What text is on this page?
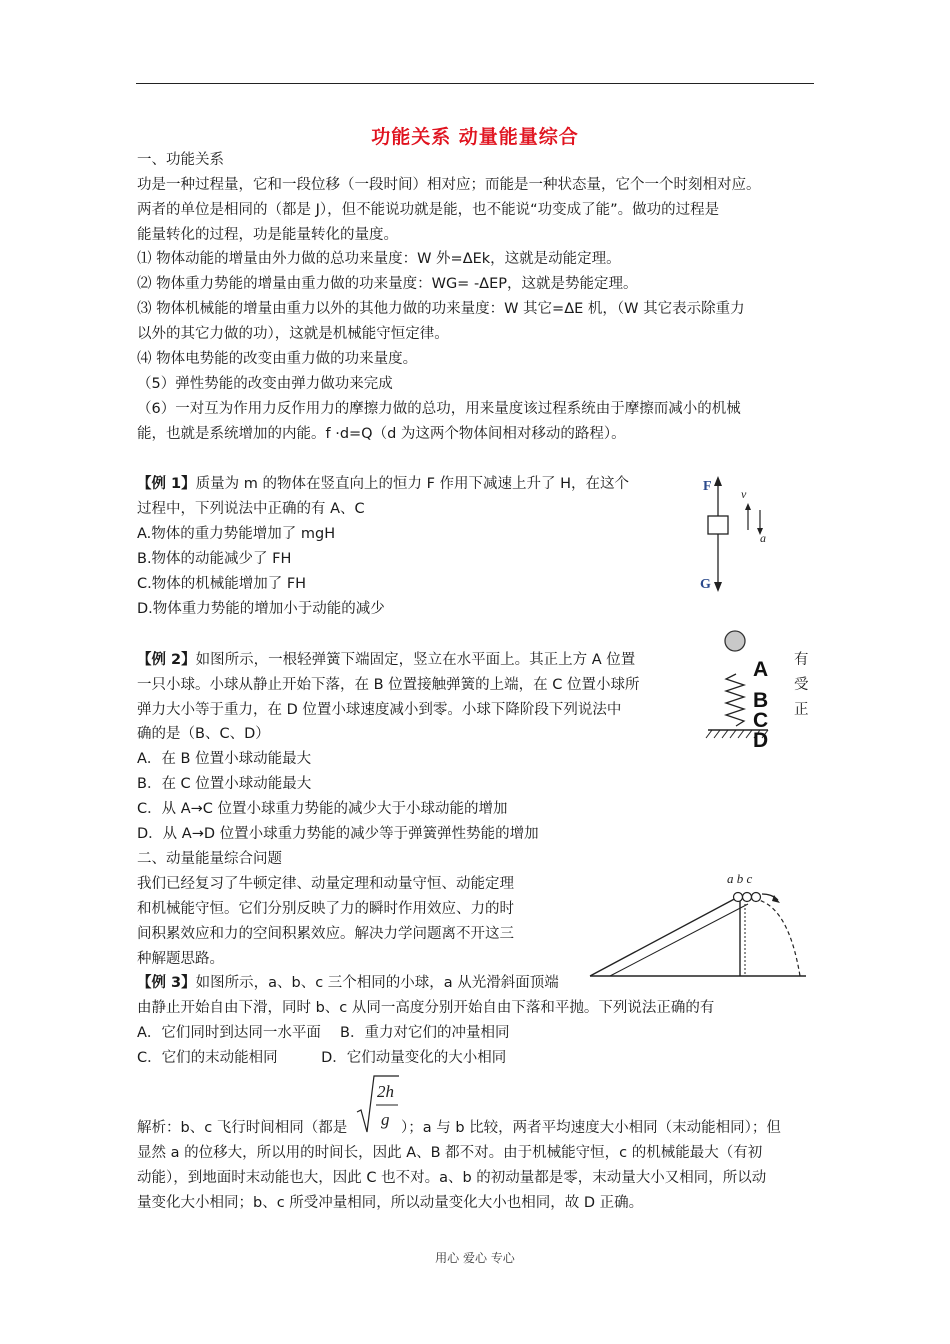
功能关系 动量能量综合
一、功能关系
功是一种过程量，它和一段位移（一段时间）相对应；而能是一种状态量，它个一个时刻相对应。
两者的单位是相同的（都是 J），但不能说功就是能，也不能说“功变成了能”。做功的过程是
能量转化的过程，功是能量转化的量度。
⑴ 物体动能的增量由外力做的总功来量度：W 外=ΔEk，这就是动能定理。
⑵ 物体重力势能的增量由重力做的功来量度：WG= -ΔEP，这就是势能定理。
⑶ 物体机械能的增量由重力以外的其他力做的功来量度：W 其它=ΔE 机，（W 其它表示除重力
以外的其它力做的功），这就是机械能守恒定律。
⑷ 物体电势能的改变由重力做的功来量度。
（5）弹性势能的改变由弹力做功来完成
（6）一对互为作用力反作用力的摩擦力做的总功，用来量度该过程系统由于摩擦而减小的机械
能，也就是系统增加的内能。f ·d=Q（d 为这两个物体间相对移动的路程）。
【例 1】质量为 m 的物体在竖直向上的恒力 F 作用下减速上升了 H，在这个
过程中，下列说法中正确的有 A、C
A.物体的重力势能增加了 mgH
B.物体的动能减少了 FH
C.物体的机械能增加了 FH
D.物体重力势能的增加小于动能的减少
F v
a
G
【例 2】如图所示，一根轻弹簧下端固定，竖立在水平面上。其正上方 A 位置	有
一只小球。小球从静止开始下落，在 B 位置接触弹簧的上端，在 C 位置小球所	受
弹力大小等于重力，在 D 位置小球速度减小到零。小球下降阶段下列说法中	正
确的是（B、C、D）
A．在 B 位置小球动能最大
B．在 C 位置小球动能最大
C．从 A→C 位置小球重力势能的减少大于小球动能的增加
D．从 A→D 位置小球重力势能的减少等于弹簧弹性势能的增加
A
B
C
D
二、动量能量综合问题
我们已经复习了牛顿定律、动量定理和动量守恒、动能定理
和机械能守恒。它们分别反映了力的瞬时作用效应、力的时
间积累效应和力的空间积累效应。解决力学问题离不开这三
种解题思路。
a b c
【例 3】如图所示，a、b、c 三个相同的小球，a 从光滑斜面顶端
由静止开始自由下滑，同时 b、c 从同一高度分别开始自由下落和平抛。下列说法正确的有
A．它们同时到达同一水平面　 B．重力对它们的冲量相同
C．它们的末动能相同　　　D．它们动量变化的大小相同
2h
g
解析：b、c 飞行时间相同（都是	）；a 与 b 比较，两者平均速度大小相同（末动能相同）；但
显然 a 的位移大，所以用的时间长，因此 A、B 都不对。由于机械能守恒，c 的机械能最大（有初
动能），到地面时末动能也大，因此 C 也不对。a、b 的初动量都是零，末动量大小又相同，所以动
量变化大小相同；b、c 所受冲量相同，所以动量变化大小也相同，故 D 正确。
用心 爱心 专心
